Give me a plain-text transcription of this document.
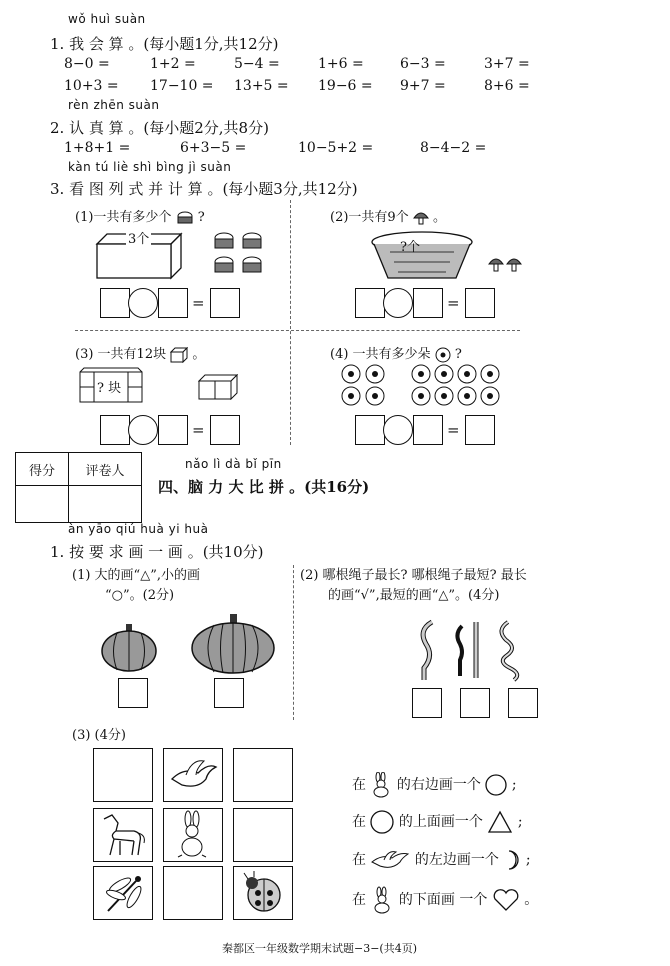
wǒ huì suàn
1. 我 会 算 。(每小题1分,共12分)
8−0 =	1+2 =	5−4 =	1+6 =	6−3 =	3+7 =
10+3 = 17−10 = 13+5 = 19−6 = 9+7 =	8+6 =
rèn zhēn suàn
2. 认 真 算 。(每小题2分,共8分)
1+8+1 =	6+3−5 =	10−5+2 =	8−4−2 =
kàn tú liè shì bìng jì suàn
3. 看 图 列 式 并 计 算 。(每小题3分,共12分)
(1)一共有多少个 ?
3个
=
(2)一共有9个 。
?个
=
(3) 一共有12块 。
? 块
=
(4) 一共有多少朵 ?
=
得分	评卷人
		nǎo lì dà bǐ pīn
四、脑 力 大 比 拼 。(共16分)
àn yāo qiú huà yi huà
1. 按 要 求 画 一 画 。(共10分)
(1) 大的画“△”,小的画
“○”。(2分)
(2) 哪根绳子最长? 哪根绳子最短? 最长
的画“√”,最短的画“△”。(4分)
(3) (4分)
在 的右边画一个 ;
在 的上面画一个 ;
在	的左边画一个 ;
在 的下面画 一个	。
秦都区一年级数学期末试题−3−(共4页)
